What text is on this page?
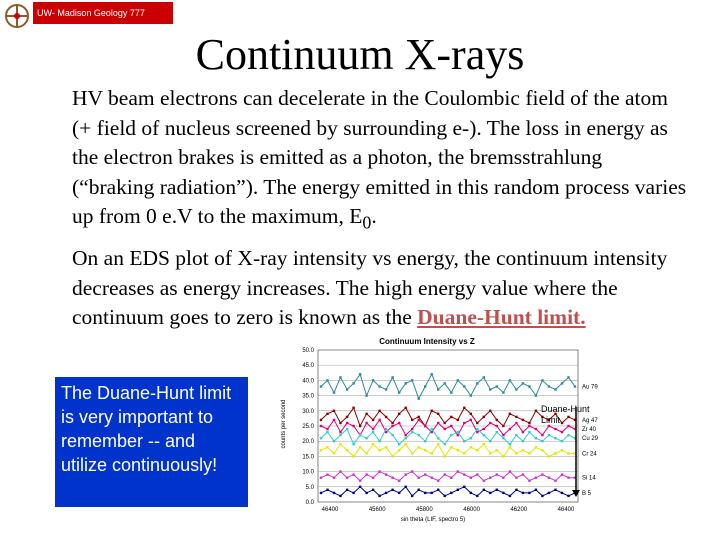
UW- Madison Geology 777
Continuum X-rays

HV beam electrons can decelerate in the Coulombic field of the atom (+ field of nucleus screened by surrounding e-). The loss in energy as the electron brakes is emitted as a photon, the bremsstrahlung (“braking radiation”). The energy emitted in this random process varies up from 0 e.V to the maximum, $E_0$.

On an EDS plot of X-ray intensity vs energy, the continuum intensity decreases as energy increases. The high energy value where the continuum goes to zero is known as the Duane-Hunt limit.

The Duane-Hunt limit is very important to remember -- and utilize continuously!
Continuum Intensity vs Z
counts per second
sin theta (LIF, spectro 5)
0.0
5.0
10.0
15.0
20.0
25.0
30.0
35.0
40.0
45.0
50.0
46400	45600	45800	46000	46200	46400
Au 79
Ag 47
Zr 40
Cu 29
Cr 24
Si 14
B 5
Duane-Hunt Limit
